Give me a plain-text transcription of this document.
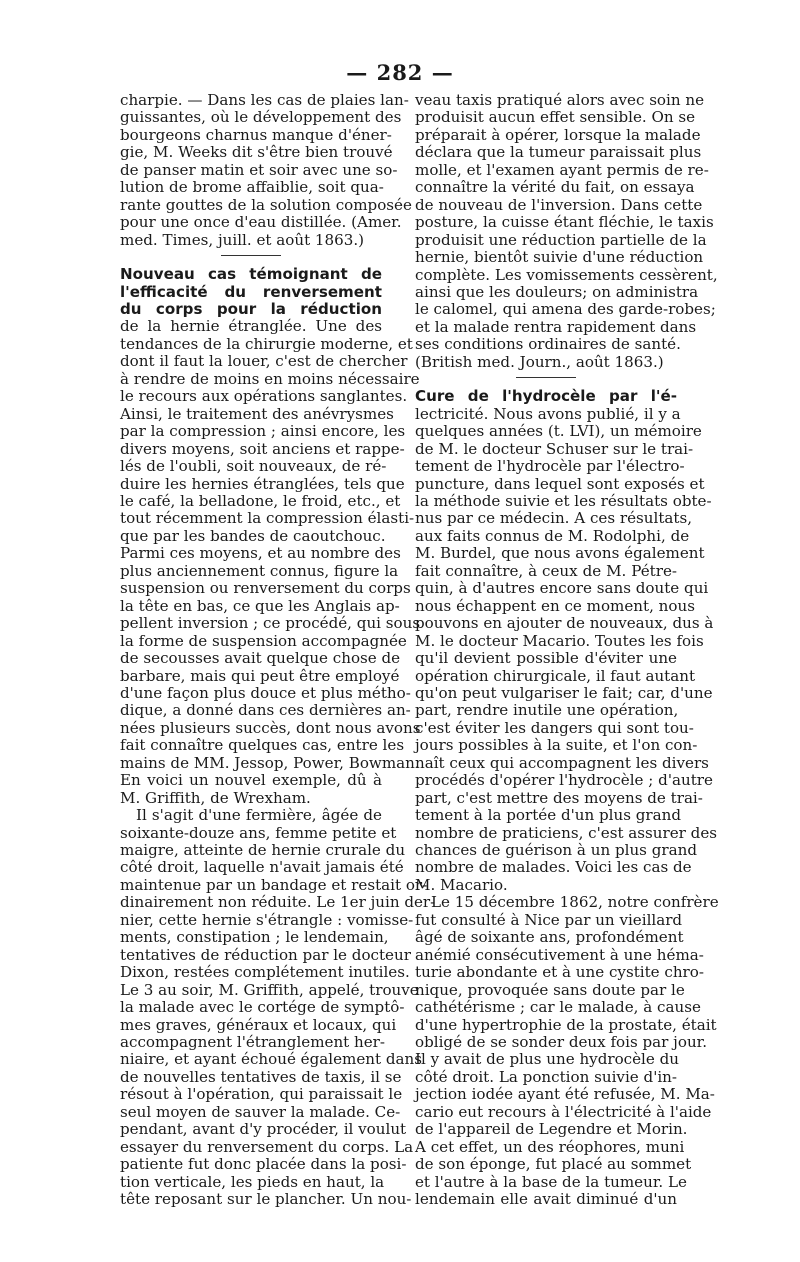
— 282 —
charpie. — Dans les cas de plaies lan-
guissantes, où le développement des
bourgeons charnus manque d'éner-
gie, M. Weeks dit s'être bien trouvé
de panser matin et soir avec une so-
lution de brome affaiblie, soit qua-
rante gouttes de la solution composée
pour une once d'eau distillée. (Amer.
med. Times, juill. et août 1863.)
Nouveau cas témoignant de
l'efficacité du renversement
du corps pour la réduction
de la hernie étranglée. Une des
tendances de la chirurgie moderne, et
dont il faut la louer, c'est de chercher
à rendre de moins en moins nécessaire
le recours aux opérations sanglantes.
Ainsi, le traitement des anévrysmes
par la compression ; ainsi encore, les
divers moyens, soit anciens et rappe-
lés de l'oubli, soit nouveaux, de ré-
duire les hernies étranglées, tels que
le café, la belladone, le froid, etc., et
tout récemment la compression élasti-
que par les bandes de caoutchouc.
Parmi ces moyens, et au nombre des
plus anciennement connus, figure la
suspension ou renversement du corps
la tête en bas, ce que les Anglais ap-
pellent inversion ; ce procédé, qui sous
la forme de suspension accompagnée
de secousses avait quelque chose de
barbare, mais qui peut être employé
d'une façon plus douce et plus métho-
dique, a donné dans ces dernières an-
nées plusieurs succès, dont nous avons
fait connaître quelques cas, entre les
mains de MM. Jessop, Power, Bowman.
En voici un nouvel exemple, dû à
M. Griffith, de Wrexham.
Il s'agit d'une fermière, âgée de
soixante-douze ans, femme petite et
maigre, atteinte de hernie crurale du
côté droit, laquelle n'avait jamais été
maintenue par un bandage et restait or-
dinairement non réduite. Le 1er juin der-
nier, cette hernie s'étrangle : vomisse-
ments, constipation ; le lendemain,
tentatives de réduction par le docteur
Dixon, restées complétement inutiles.
Le 3 au soir, M. Griffith, appelé, trouve
la malade avec le cortége de symptô-
mes graves, généraux et locaux, qui
accompagnent l'étranglement her-
niaire, et ayant échoué également dans
de nouvelles tentatives de taxis, il se
résout à l'opération, qui paraissait le
seul moyen de sauver la malade. Ce-
pendant, avant d'y procéder, il voulut
essayer du renversement du corps. La
patiente fut donc placée dans la posi-
tion verticale, les pieds en haut, la
tête reposant sur le plancher. Un nou-
veau taxis pratiqué alors avec soin ne
produisit aucun effet sensible. On se
préparait à opérer, lorsque la malade
déclara que la tumeur paraissait plus
molle, et l'examen ayant permis de re-
connaître la vérité du fait, on essaya
de nouveau de l'inversion. Dans cette
posture, la cuisse étant fléchie, le taxis
produisit une réduction partielle de la
hernie, bientôt suivie d'une réduction
complète. Les vomissements cessèrent,
ainsi que les douleurs; on administra
le calomel, qui amena des garde-robes;
et la malade rentra rapidement dans
ses conditions ordinaires de santé.
(British med. Journ., août 1863.)
Cure de l'hydrocèle par l'é-
lectricité. Nous avons publié, il y a
quelques années (t. LVI), un mémoire
de M. le docteur Schuser sur le trai-
tement de l'hydrocèle par l'électro-
puncture, dans lequel sont exposés et
la méthode suivie et les résultats obte-
nus par ce médecin. A ces résultats,
aux faits connus de M. Rodolphi, de
M. Burdel, que nous avons également
fait connaître, à ceux de M. Pétre-
quin, à d'autres encore sans doute qui
nous échappent en ce moment, nous
pouvons en ajouter de nouveaux, dus à
M. le docteur Macario. Toutes les fois
qu'il devient possible d'éviter une
opération chirurgicale, il faut autant
qu'on peut vulgariser le fait; car, d'une
part, rendre inutile une opération,
c'est éviter les dangers qui sont tou-
jours possibles à la suite, et l'on con-
naît ceux qui accompagnent les divers
procédés d'opérer l'hydrocèle ; d'autre
part, c'est mettre des moyens de trai-
tement à la portée d'un plus grand
nombre de praticiens, c'est assurer des
chances de guérison à un plus grand
nombre de malades. Voici les cas de
M. Macario.
Le 15 décembre 1862, notre confrère
fut consulté à Nice par un vieillard
âgé de soixante ans, profondément
anémié consécutivement à une héma-
turie abondante et à une cystite chro-
nique, provoquée sans doute par le
cathétérisme ; car le malade, à cause
d'une hypertrophie de la prostate, était
obligé de se sonder deux fois par jour.
Il y avait de plus une hydrocèle du
côté droit. La ponction suivie d'in-
jection iodée ayant été refusée, M. Ma-
cario eut recours à l'électricité à l'aide
de l'appareil de Legendre et Morin.
A cet effet, un des réophores, muni
de son éponge, fut placé au sommet
et l'autre à la base de la tumeur. Le
lendemain elle avait diminué d'un
